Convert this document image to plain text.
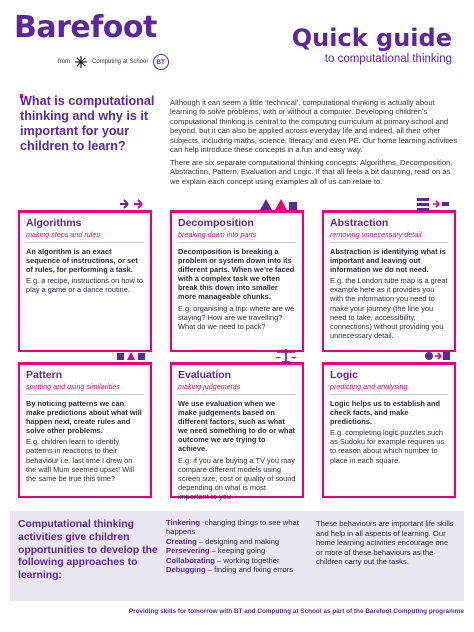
Barefoot
from	Computing at School	BT
Quick guide
to computational thinking
What is computational thinking and why is it important for your children to learn?
Although it can seem a little ‘technical’, computational thinking is actually about learning to solve problems, with or without a computer. Developing children’s computational thinking is central to the computing curriculum at primary school and beyond, but it can also be applied across everyday life and indeed, all their other subjects, including maths, science, literacy and even PE. Our home learning activities can help introduce these concepts in a fun and easy way.
There are six separate computational thinking concepts: Algorithms, Decomposition, Abstraction, Pattern, Evaluation and Logic. If that all feels a bit daunting, read on as we explain each concept using examples all of us can relate to.
Algorithms
making steps and rules
An algorithm is an exact sequence of instructions, or set of rules, for performing a task.
E.g. a recipe, instructions on how to play a game or a dance routine.
Decomposition
breaking down into parts
Decomposition is breaking a problem or system down into its different parts. When we’re faced with a complex task we often break this down into smaller more manageable chunks.
E.g. organising a trip: where are we staying? How are we travelling? What do we need to pack?
Abstraction
removing unnecessary detail
Abstraction is identifying what is important and leaving out information we do not need.
E.g. the London tube map is a great example here as it provides you with the information you need to make your journey (the line you need to take, accessibility, connections) without providing you unnecessary detail.
Pattern
spotting and using similarities
By noticing patterns we can make predictions about what will happen next, create rules and solve other problems.
E.g. children learn to identify patterns in reactions to their behaviour i.e. last time I drew on the wall Mum seemed upset! Will the same be true this time?
Evaluation
making judgements
We use evaluation when we make judgements based on different factors, such as what we need something to do or what outcome we are trying to achieve.
E.g. if you are buying a TV you may compare different models using screen size, cost or quality of sound depending on what is most important to you.
Logic
predicting and analysing
Logic helps us to establish and check facts, and make predictions.
E.g. completing logic puzzles such as Sudoku for example requires us to reason about which number to place in each square.
Computational thinking activities give children opportunities to develop the following approaches to learning:
Tinkering -changing things to see what happens
Creating – designing and making
Persevering – keeping going
Collaborating – working together
Debugging – finding and fixing errors
These behaviours are important life skills and help in all aspects of learning. Our home learning activities encourage one or more of these behaviours as the children carry out the tasks.
Providing skills for tomorrow with BT and Computing at School as part of the Barefoot Computing programme
